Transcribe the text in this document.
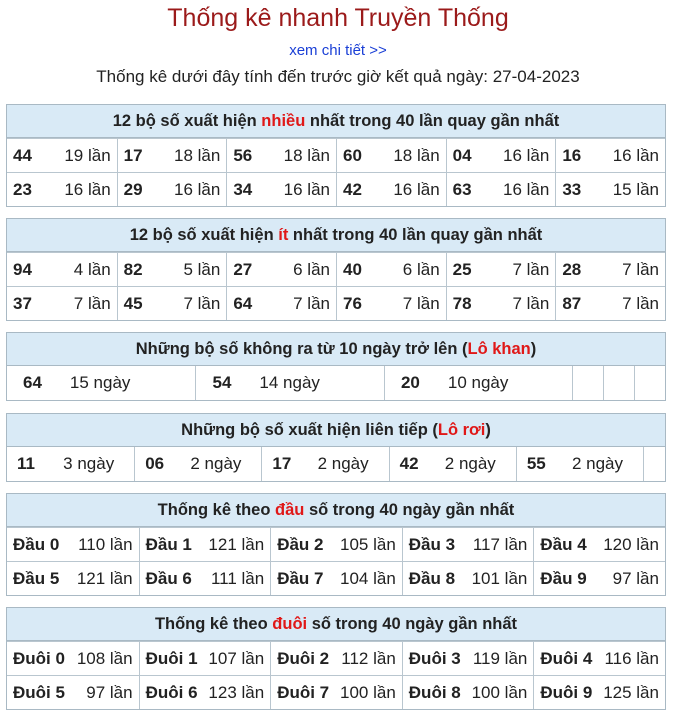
Thống kê nhanh Truyền Thống
xem chi tiết >>
Thống kê dưới đây tính đến trước giờ kết quả ngày: 27-04-2023
12 bộ số xuất hiện nhiều nhất trong 40 lần quay gần nhất
44 19 lần 17 18 lần 56 18 lần 60 18 lần 04 16 lần 16 16 lần
23 16 lần 29 16 lần 34 16 lần 42 16 lần 63 16 lần 33 15 lần
12 bộ số xuất hiện ít nhất trong 40 lần quay gần nhất
94 4 lần 82 5 lần 27 6 lần 40 6 lần 25 7 lần 28 7 lần
37 7 lần 45 7 lần 64 7 lần 76 7 lần 78 7 lần 87 7 lần
Những bộ số không ra từ 10 ngày trở lên (Lô khan)
64	15 ngày	54	14 ngày	20	10 ngày
Những bộ số xuất hiện liên tiếp (Lô rơi)
11 3 ngày	06 2 ngày	17 2 ngày	42 2 ngày	55 2 ngày
Thống kê theo đầu số trong 40 ngày gần nhất
Đầu 0 110 lần Đầu 1 121 lần Đầu 2 105 lần Đầu 3 117 lần Đầu 4 120 lần
Đầu 5 121 lần Đầu 6 111 lần Đầu 7 104 lần Đầu 8 101 lần Đầu 9 97 lần
Thống kê theo đuôi số trong 40 ngày gần nhất
Đuôi 0 108 lần Đuôi 1 107 lần Đuôi 2 112 lần Đuôi 3 119 lần Đuôi 4 116 lần
Đuôi 5 97 lần Đuôi 6 123 lần Đuôi 7 100 lần Đuôi 8 100 lần Đuôi 9 125 lần
